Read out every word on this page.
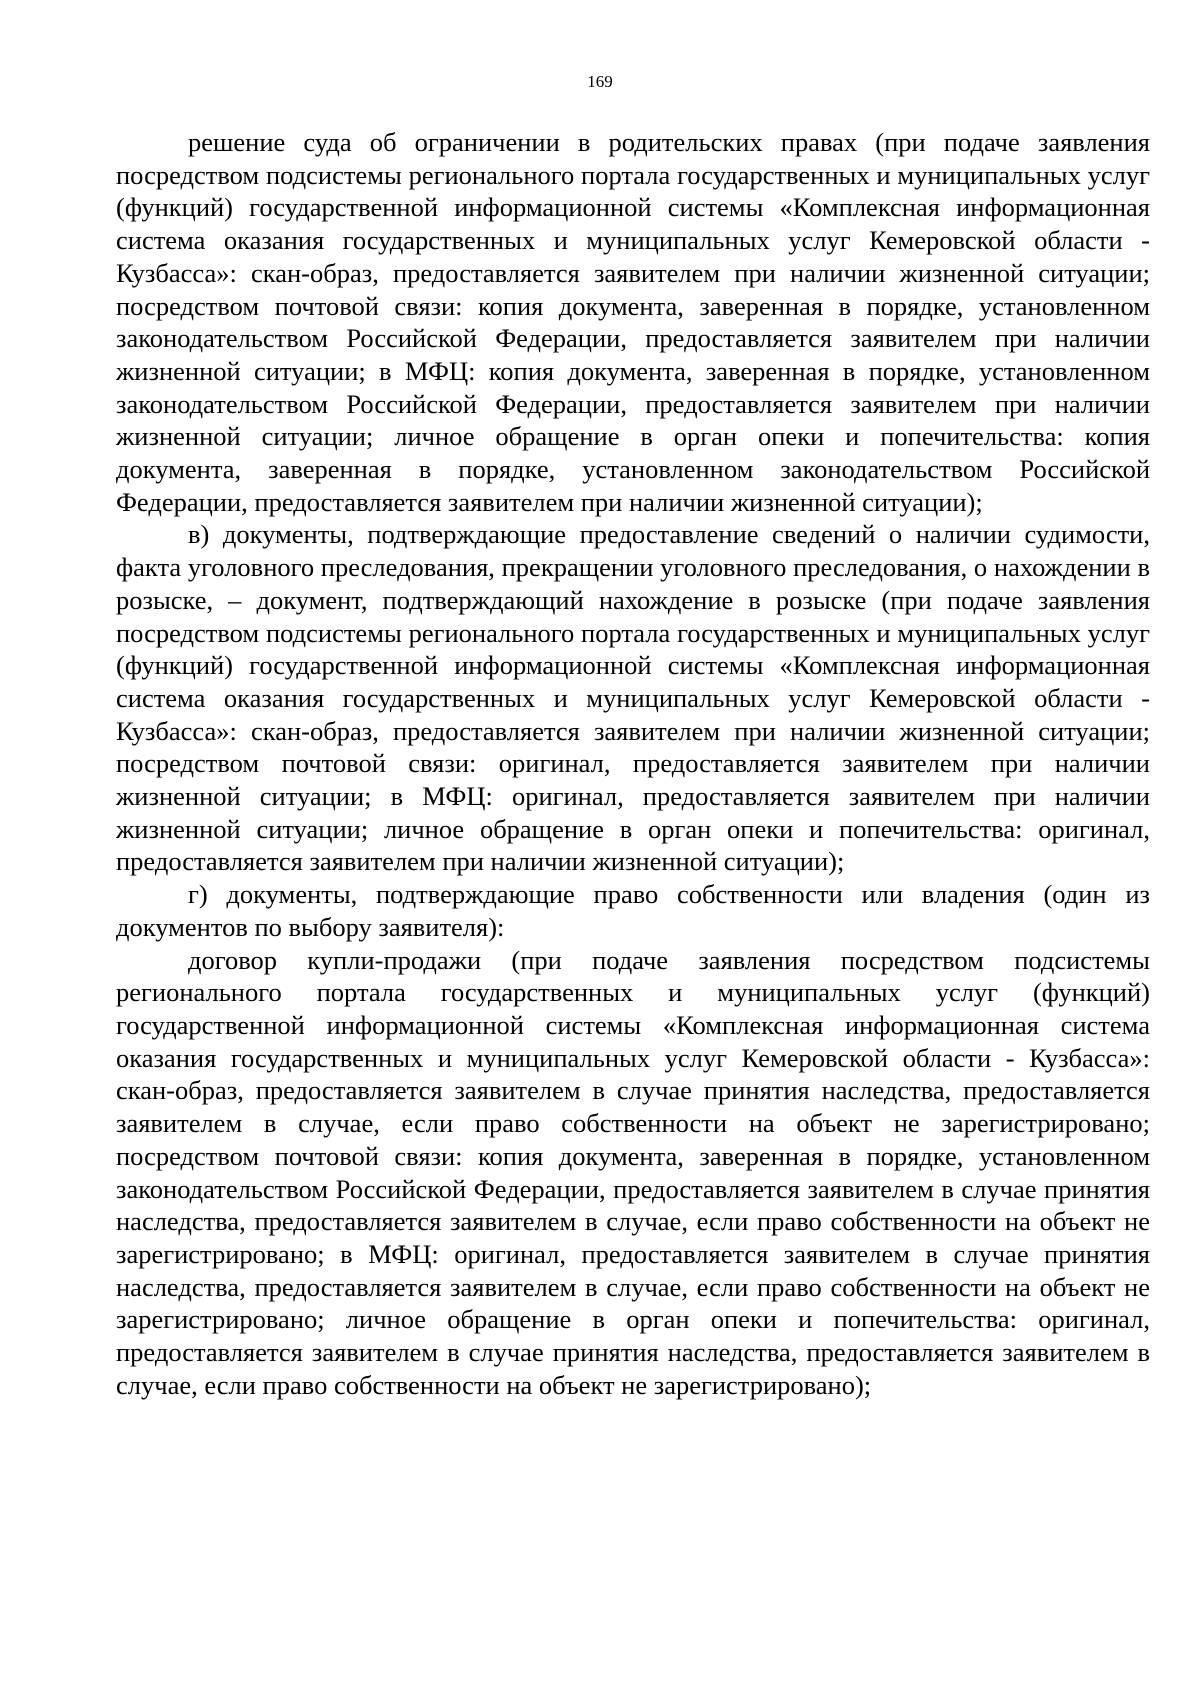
169

решение суда об ограничении в родительских правах (при подаче заявления посредством подсистемы регионального портала государственных и муниципальных услуг (функций) государственной информационной системы «Комплексная информационная система оказания государственных и муниципальных услуг Кемеровской области - Кузбасса»: скан-образ, предоставляется заявителем при наличии жизненной ситуации; посредством почтовой связи: копия документа, заверенная в порядке, установленном законодательством Российской Федерации, предоставляется заявителем при наличии жизненной ситуации; в МФЦ: копия документа, заверенная в порядке, установленном законодательством Российской Федерации, предоставляется заявителем при наличии жизненной ситуации; личное обращение в орган опеки и попечительства: копия документа, заверенная в порядке, установленном законодательством Российской Федерации, предоставляется заявителем при наличии жизненной ситуации);

в) документы, подтверждающие предоставление сведений о наличии судимости, факта уголовного преследования, прекращении уголовного преследования, о нахождении в розыске, – документ, подтверждающий нахождение в розыске (при подаче заявления посредством подсистемы регионального портала государственных и муниципальных услуг (функций) государственной информационной системы «Комплексная информационная система оказания государственных и муниципальных услуг Кемеровской области - Кузбасса»: скан-образ, предоставляется заявителем при наличии жизненной ситуации; посредством почтовой связи: оригинал, предоставляется заявителем при наличии жизненной ситуации; в МФЦ: оригинал, предоставляется заявителем при наличии жизненной ситуации; личное обращение в орган опеки и попечительства: оригинал, предоставляется заявителем при наличии жизненной ситуации);

г) документы, подтверждающие право собственности или владения (один из документов по выбору заявителя):

договор купли-продажи (при подаче заявления посредством подсистемы регионального портала государственных и муниципальных услуг (функций) государственной информационной системы «Комплексная информационная система оказания государственных и муниципальных услуг Кемеровской области - Кузбасса»: скан-образ, предоставляется заявителем в случае принятия наследства, предоставляется заявителем в случае, если право собственности на объект не зарегистрировано; посредством почтовой связи: копия документа, заверенная в порядке, установленном законодательством Российской Федерации, предоставляется заявителем в случае принятия наследства, предоставляется заявителем в случае, если право собственности на объект не зарегистрировано; в МФЦ: оригинал, предоставляется заявителем в случае принятия наследства, предоставляется заявителем в случае, если право собственности на объект не зарегистрировано; личное обращение в орган опеки и попечительства: оригинал, предоставляется заявителем в случае принятия наследства, предоставляется заявителем в случае, если право собственности на объект не зарегистрировано);
